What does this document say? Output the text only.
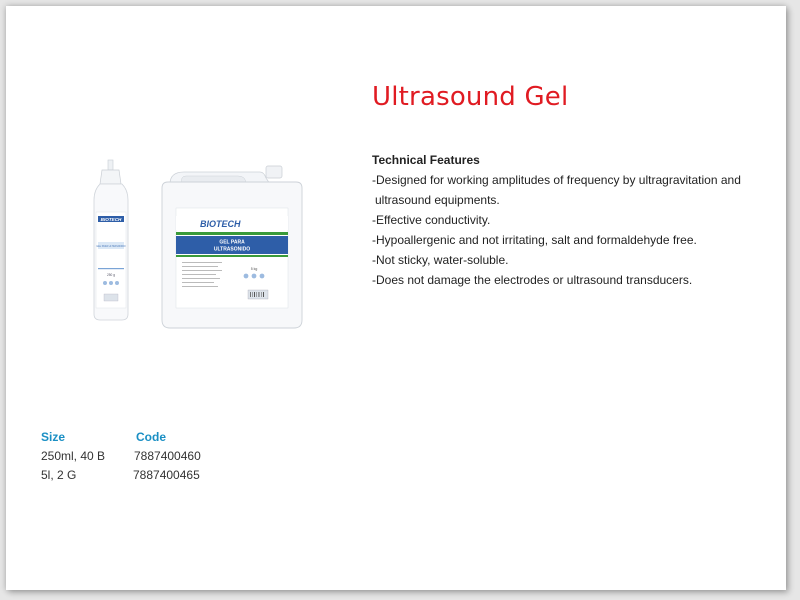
Ultrasound Gel
Technical Features
-Designed for working amplitudes of frequency by ultragravitation and
ultrasound equipments.
-Effective conductivity.
-Hypoallergenic and not irritating, salt and formaldehyde free.
-Not sticky, water-soluble.
-Does not damage the electrodes or ultrasound transducers.
BIOTECH
GEL PARA ULTRASONIDO
250 g
BIOTECH
GEL PARA
ULTRASONIDO
5 kg
Size	Code
250ml, 40 B 7887400460
5l, 2 G	7887400465
